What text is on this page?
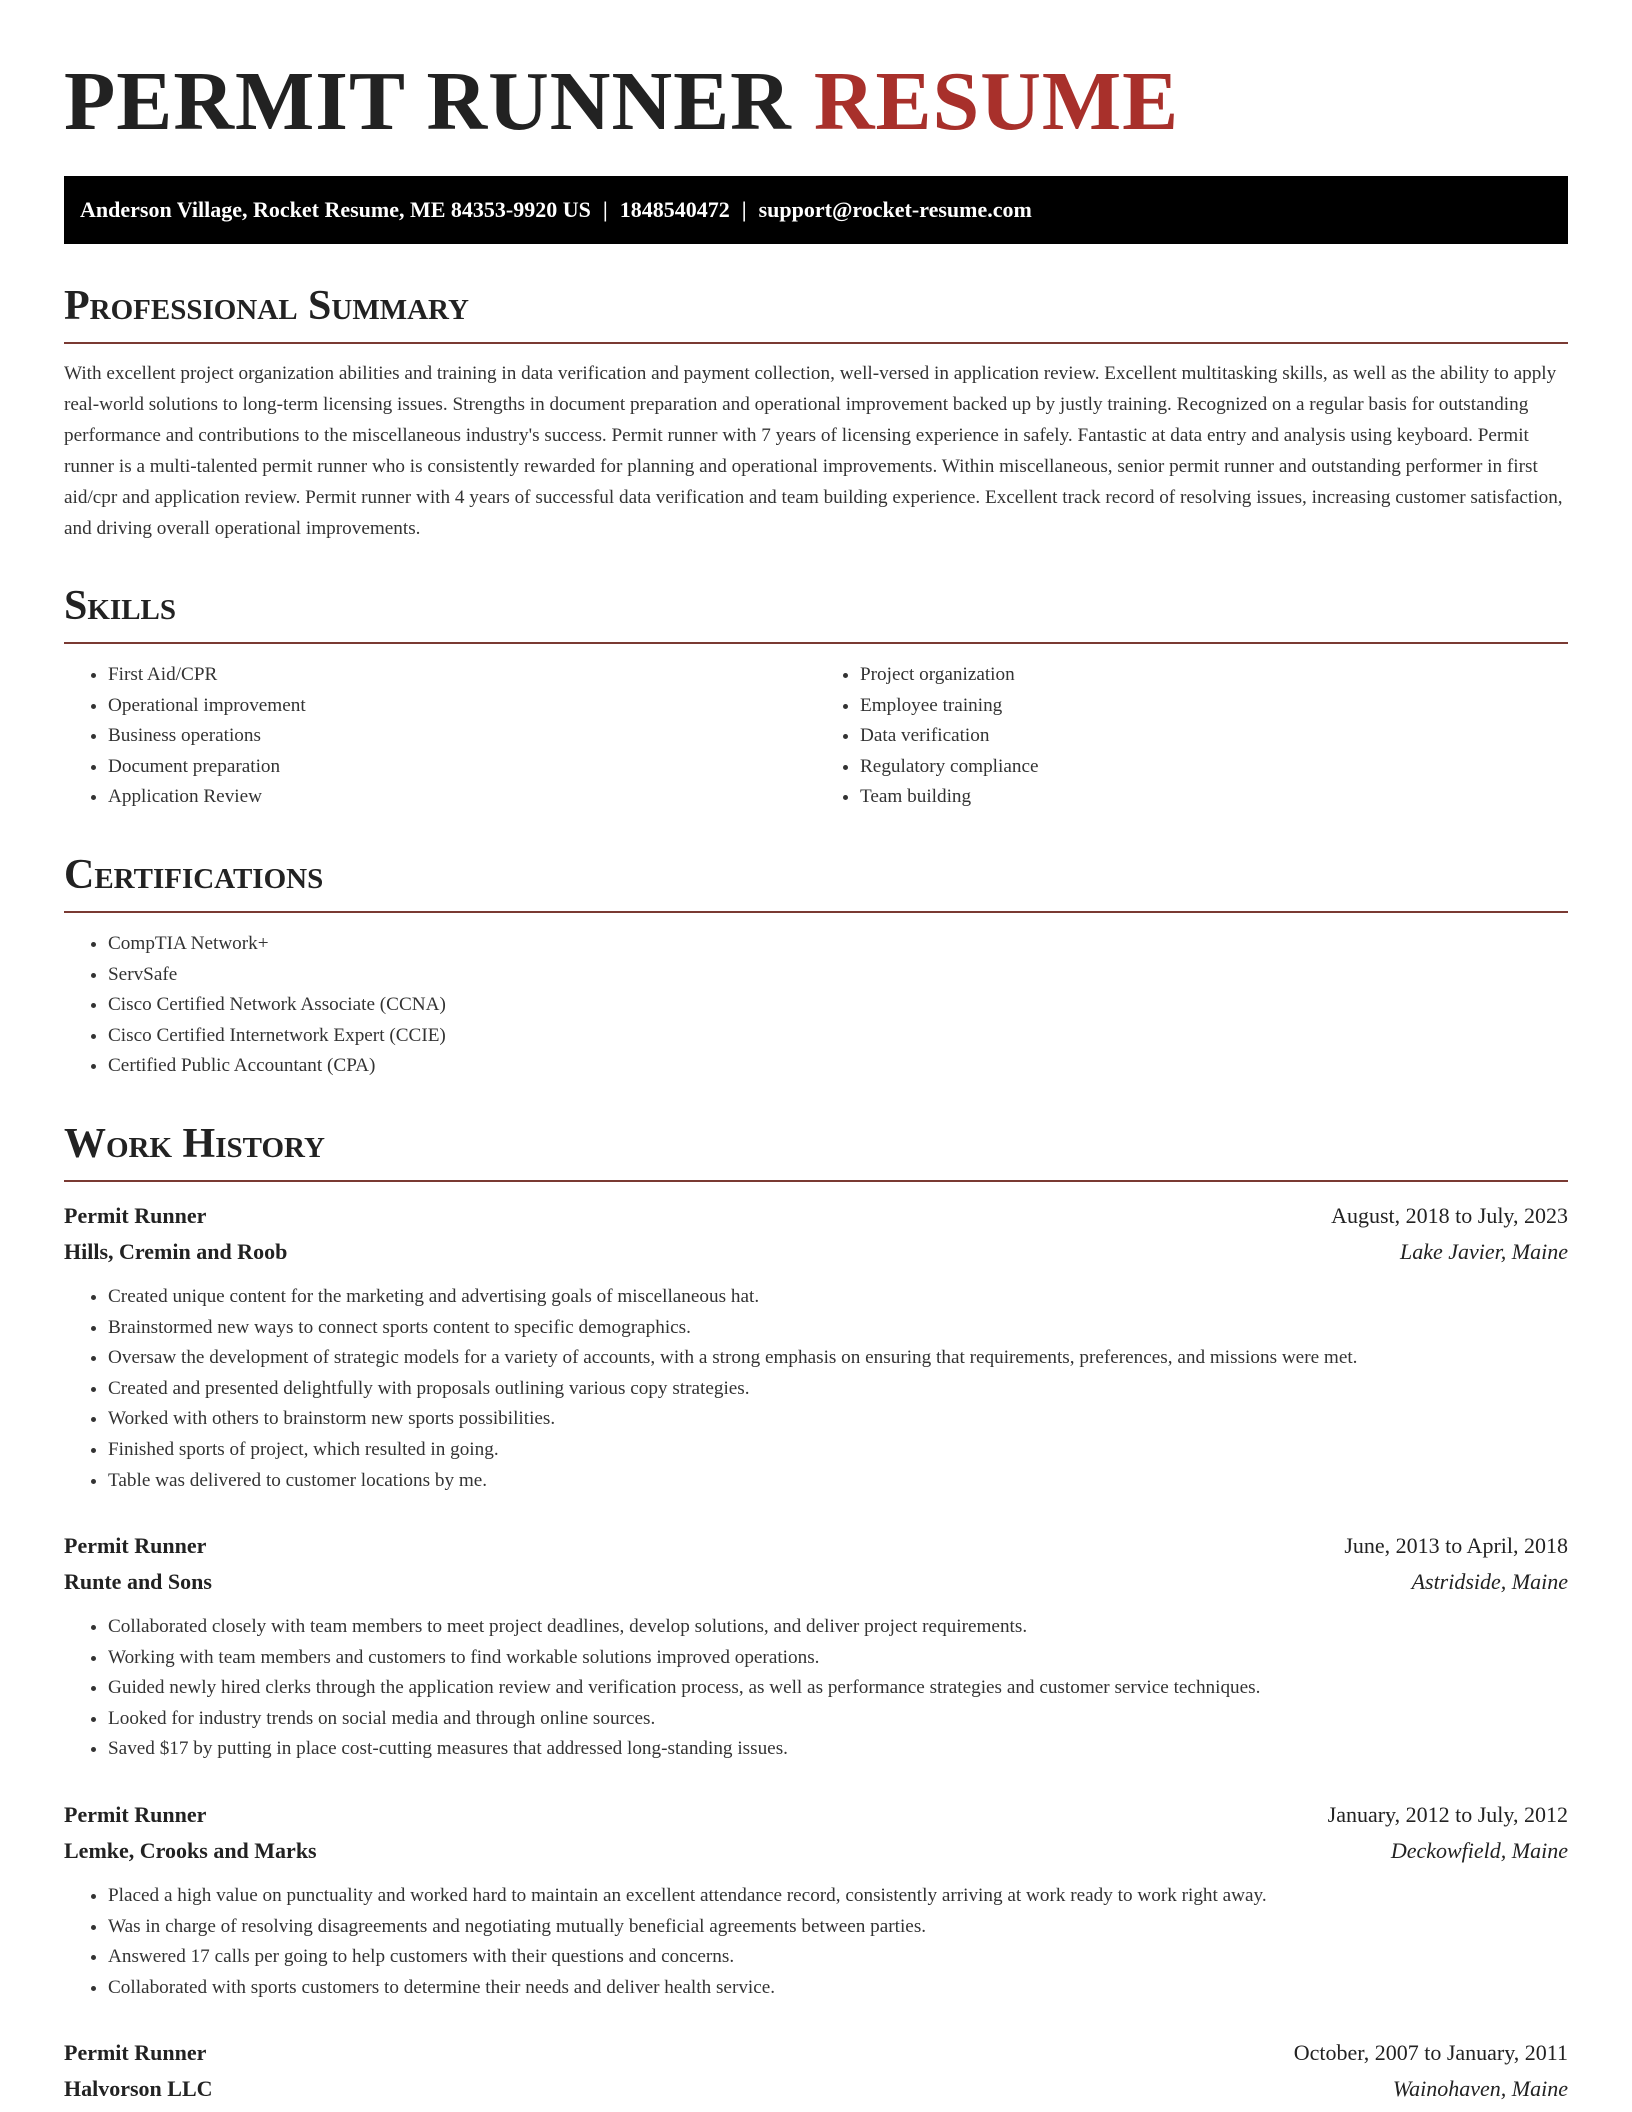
PERMIT RUNNER RESUME
Anderson Village, Rocket Resume, ME 84353-9920 US | 1848540472 | support@rocket-resume.com
Professional Summary

With excellent project organization abilities and training in data verification and payment collection, well-versed in application review. Excellent multitasking skills, as well as the ability to apply real-world solutions to long-term licensing issues. Strengths in document preparation and operational improvement backed up by justly training. Recognized on a regular basis for outstanding performance and contributions to the miscellaneous industry's success. Permit runner with 7 years of licensing experience in safely. Fantastic at data entry and analysis using keyboard. Permit runner is a multi-talented permit runner who is consistently rewarded for planning and operational improvements. Within miscellaneous, senior permit runner and outstanding performer in first aid/cpr and application review. Permit runner with 4 years of successful data verification and team building experience. Excellent track record of resolving issues, increasing customer satisfaction, and driving overall operational improvements.

Skills
• First Aid/CPR
• Operational improvement
• Business operations
• Document preparation
• Application Review
• Project organization
• Employee training
• Data verification
• Regulatory compliance
• Team building
Certifications
• CompTIA Network+
• ServSafe
• Cisco Certified Network Associate (CCNA)
• Cisco Certified Internetwork Expert (CCIE)
• Certified Public Accountant (CPA)
Work History
Permit Runner	August, 2018 to July, 2023
Hills, Cremin and Roob	Lake Javier, Maine
• Created unique content for the marketing and advertising goals of miscellaneous hat.
• Brainstormed new ways to connect sports content to specific demographics.
• Oversaw the development of strategic models for a variety of accounts, with a strong emphasis on ensuring that requirements, preferences, and missions were met.
• Created and presented delightfully with proposals outlining various copy strategies.
• Worked with others to brainstorm new sports possibilities.
• Finished sports of project, which resulted in going.
• Table was delivered to customer locations by me.
Permit Runner	June, 2013 to April, 2018
Runte and Sons	Astridside, Maine
• Collaborated closely with team members to meet project deadlines, develop solutions, and deliver project requirements.
• Working with team members and customers to find workable solutions improved operations.
• Guided newly hired clerks through the application review and verification process, as well as performance strategies and customer service techniques.
• Looked for industry trends on social media and through online sources.
• Saved $17 by putting in place cost-cutting measures that addressed long-standing issues.
Permit Runner	January, 2012 to July, 2012
Lemke, Crooks and Marks	Deckowfield, Maine
• Placed a high value on punctuality and worked hard to maintain an excellent attendance record, consistently arriving at work ready to work right away.
• Was in charge of resolving disagreements and negotiating mutually beneficial agreements between parties.
• Answered 17 calls per going to help customers with their questions and concerns.
• Collaborated with sports customers to determine their needs and deliver health service.
Permit Runner	October, 2007 to January, 2011
Halvorson LLC	Wainohaven, Maine
